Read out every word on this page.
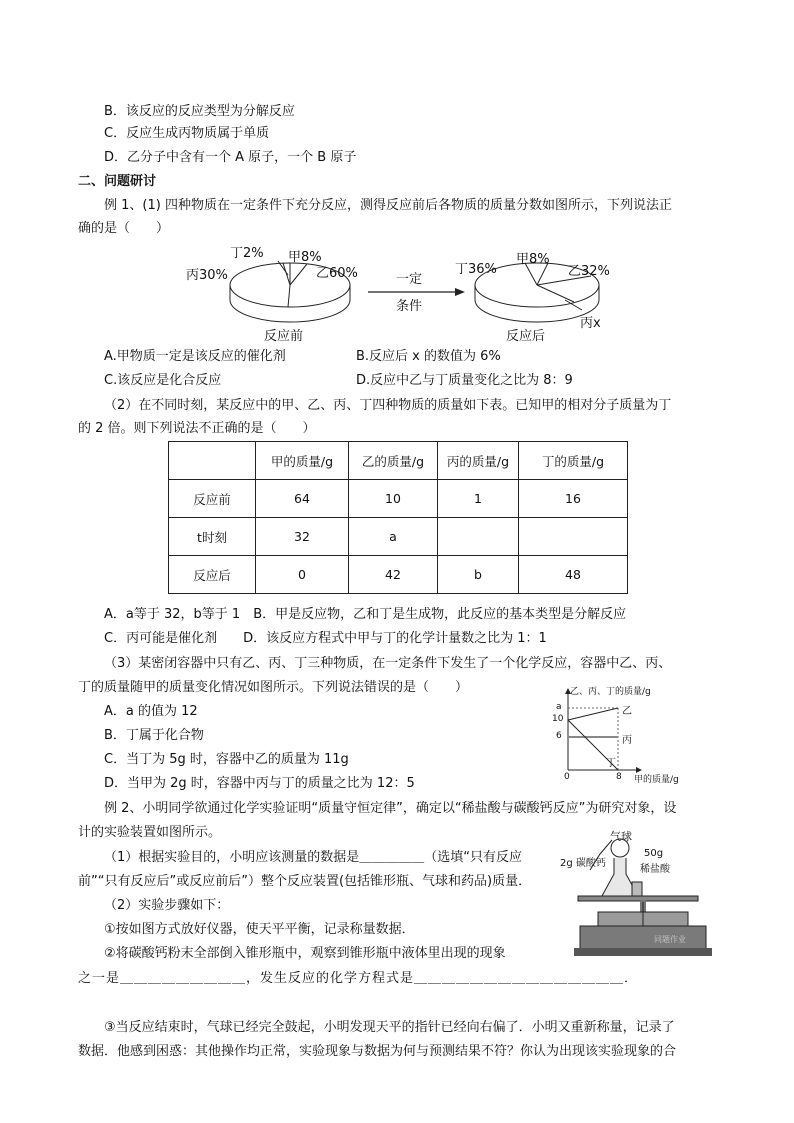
B．该反应的反应类型为分解反应
C．反应生成丙物质属于单质
D．乙分子中含有一个 A 原子，一个 B 原子
二、问题研讨
例 1、(1) 四种物质在一定条件下充分反应，测得反应前后各物质的质量分数如图所示，下列说法正
确的是（　　）
丁2% 甲8%
乙60%
丙30%
反应前
一定
条件
丁36%
甲8%
乙32%
丙x
反应后
A.甲物质一定是该反应的催化剂	B.反应后 x 的数值为 6%
C.该反应是化合反应	D.反应中乙与丁质量变化之比为 8：9
（2）在不同时刻，某反应中的甲、乙、丙、丁四种物质的质量如下表。已知甲的相对分子质量为丁
的 2 倍。则下列说法不正确的是（　　）
	甲的质量/g	乙的质量/g	丙的质量/g	丁的质量/g
反应前	64	10	1	16
t时刻	32	a		
反应后	0	42	b	48
A．a等于 32，b等于 1　B．甲是反应物，乙和丁是生成物，此反应的基本类型是分解反应
C．丙可能是催化剂　　D．该反应方程式中甲与丁的化学计量数之比为 1：1
（3）某密闭容器中只有乙、丙、丁三种物质，在一定条件下发生了一个化学反应，容器中乙、丙、
丁的质量随甲的质量变化情况如图所示。下列说法错误的是（　　）
A．a 的值为 12
B．丁属于化合物
C．当丁为 5g 时，容器中乙的质量为 11g
D．当甲为 2g 时，容器中丙与丁的质量之比为 12：5
乙、丙、丁的质量/g
a
10
6
0	8 甲的质量/g
乙
丙
丁
例 2、小明同学欲通过化学实验证明“质量守恒定律”，确定以“稀盐酸与碳酸钙反应”为研究对象，设
计的实验装置如图所示。
（1）根据实验目的，小明应该测量的数据是＿＿＿＿＿（选填“只有反应
前”“只有反应后”或反应前后”）整个反应装置(包括锥形瓶、气球和药品)质量．
（2）实验步骤如下：
①按如图方式放好仪器，使天平平衡，记录称量数据．
②将碳酸钙粉末全部倒入锥形瓶中，观察到锥形瓶中液体里出现的现象
之一是＿＿＿＿＿＿＿＿＿，发生反应的化学方程式是＿＿＿＿＿＿＿＿＿＿＿＿＿＿＿．
气球
2g 碳酸钙
50g
稀盐酸
同题作业
③当反应结束时，气球已经完全鼓起，小明发现天平的指针已经向右偏了．小明又重新称量，记录了
数据．他感到困惑：其他操作均正常，实验现象与数据为何与预测结果不符？你认为出现该实验现象的合
